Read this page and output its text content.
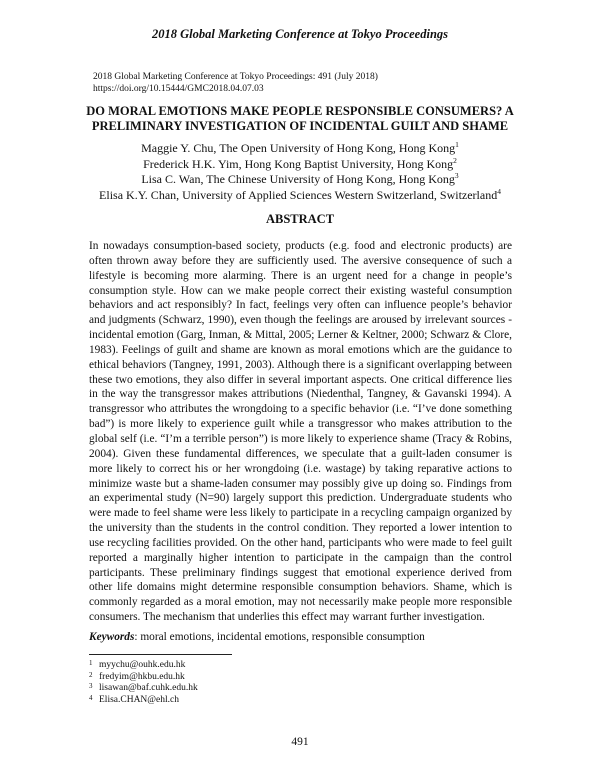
2018 Global Marketing Conference at Tokyo Proceedings
2018 Global Marketing Conference at Tokyo Proceedings: 491 (July 2018)
https://doi.org/10.15444/GMC2018.04.07.03
DO MORAL EMOTIONS MAKE PEOPLE RESPONSIBLE CONSUMERS? A
PRELIMINARY INVESTIGATION OF INCIDENTAL GUILT AND SHAME
Maggie Y. Chu, The Open University of Hong Kong, Hong Kong$^1$
Frederick H.K. Yim, Hong Kong Baptist University, Hong Kong$^2$
Lisa C. Wan, The Chinese University of Hong Kong, Hong Kong$^3$
Elisa K.Y. Chan, University of Applied Sciences Western Switzerland, Switzerland$^4$
ABSTRACT

In nowadays consumption-based society, products (e.g. food and electronic products) are often thrown away before they are sufficiently used. The aversive consequence of such a lifestyle is becoming more alarming. There is an urgent need for a change in people’s consumption style. How can we make people correct their existing wasteful consumption behaviors and act responsibly? In fact, feelings very often can influence people’s behavior and judgments (Schwarz, 1990), even though the feelings are aroused by irrelevant sources - incidental emotion (Garg, Inman, & Mittal, 2005; Lerner & Keltner, 2000; Schwarz & Clore, 1983). Feelings of guilt and shame are known as moral emotions which are the guidance to ethical behaviors (Tangney, 1991, 2003). Although there is a significant overlapping between these two emotions, they also differ in several important aspects. One critical difference lies in the way the transgressor makes attributions (Niedenthal, Tangney, & Gavanski 1994). A transgressor who attributes the wrongdoing to a specific behavior (i.e. “I’ve done something bad”) is more likely to experience guilt while a transgressor who makes attribution to the global self (i.e. “I’m a terrible person”) is more likely to experience shame (Tracy & Robins, 2004). Given these fundamental differences, we speculate that a guilt-laden consumer is more likely to correct his or her wrongdoing (i.e. wastage) by taking reparative actions to minimize waste but a shame-laden consumer may possibly give up doing so. Findings from an experimental study (N=90) largely support this prediction. Undergraduate students who were made to feel shame were less likely to participate in a recycling campaign organized by the university than the students in the control condition. They reported a lower intention to use recycling facilities provided. On the other hand, participants who were made to feel guilt reported a marginally higher intention to participate in the campaign than the control participants. These preliminary findings suggest that emotional experience derived from other life domains might determine responsible consumption behaviors. Shame, which is commonly regarded as a moral emotion, may not necessarily make people more responsible consumers. The mechanism that underlies this effect may warrant further investigation.

Keywords: moral emotions, incidental emotions, responsible consumption
1 myychu@ouhk.edu.hk
2 fredyim@hkbu.edu.hk
3 lisawan@baf.cuhk.edu.hk
4 Elisa.CHAN@ehl.ch
491
